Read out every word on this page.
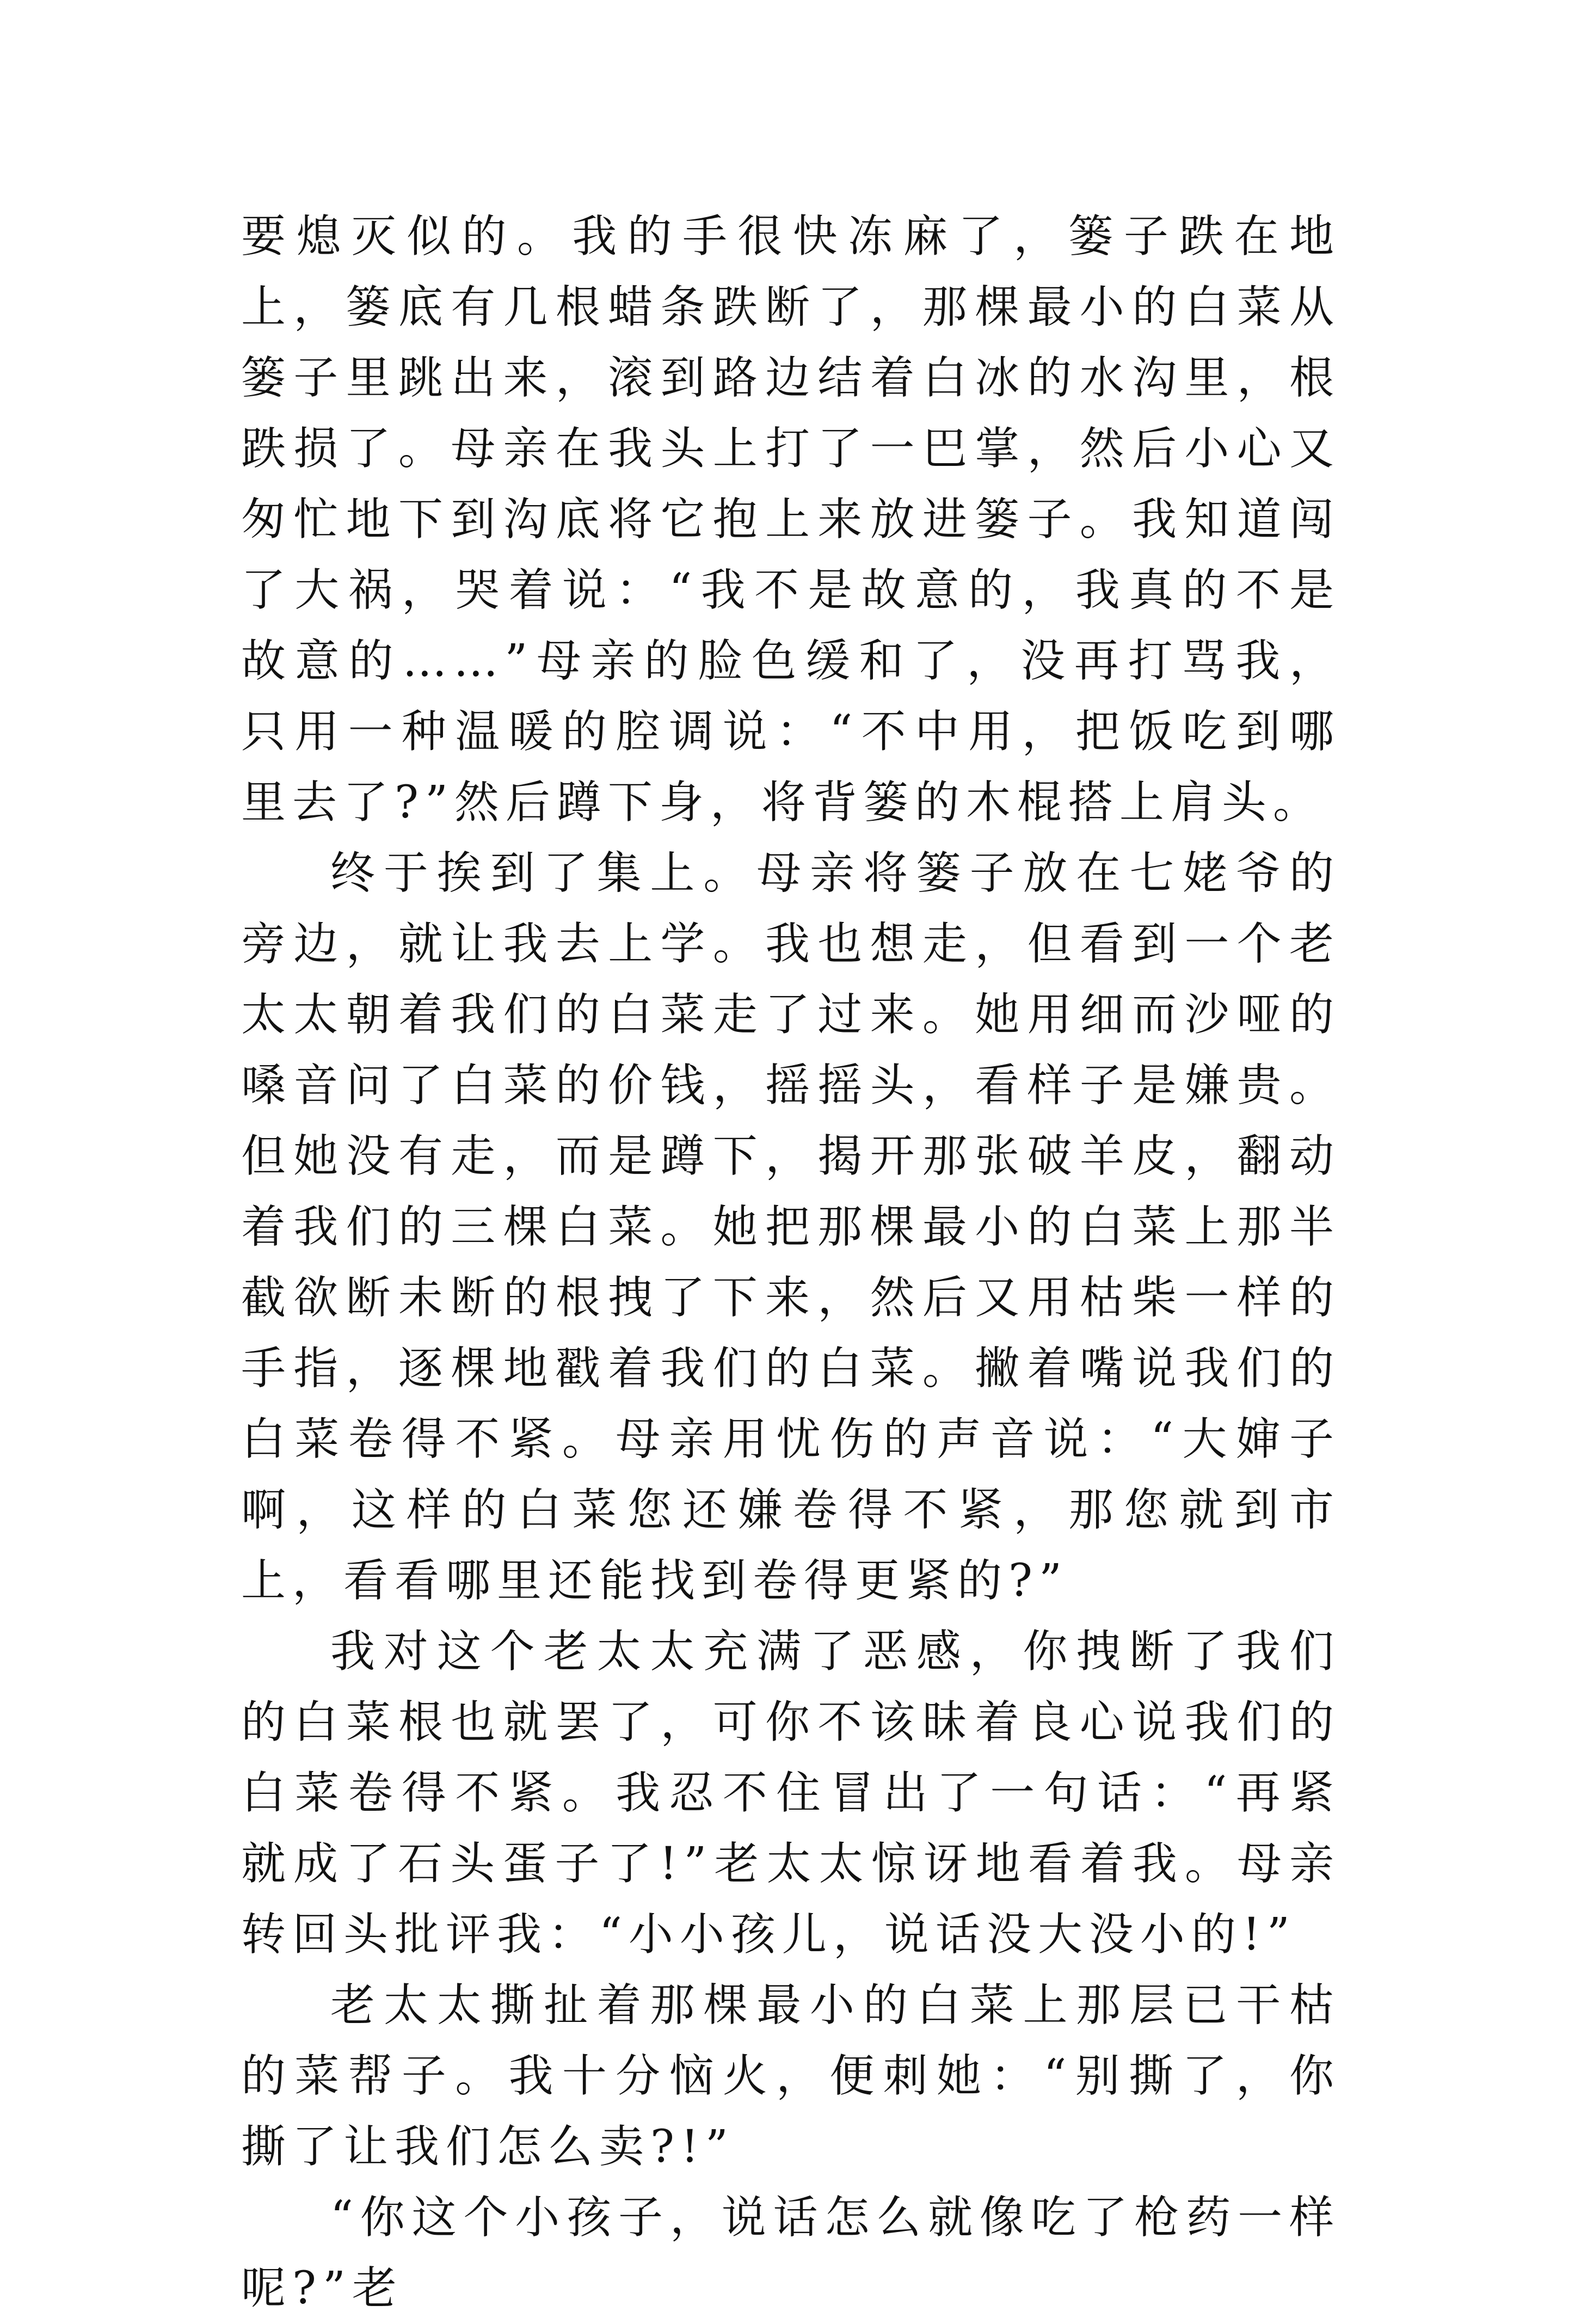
要熄灭似的。我的手很快冻麻了，篓子跌在地上，篓底有几根蜡条跌断了，那棵最小的白菜从篓子里跳出来，滚到路边结着白冰的水沟里，根跌损了。母亲在我头上打了一巴掌，然后小心又匆忙地下到沟底将它抱上来放进篓子。我知道闯了大祸，哭着说：“我不是故意的，我真的不是故意的……”母亲的脸色缓和了，没再打骂我，只用一种温暖的腔调说：“不中用，把饭吃到哪里去了?”然后蹲下身，将背篓的木棍搭上肩头。

终于挨到了集上。母亲将篓子放在七姥爷的旁边，就让我去上学。我也想走，但看到一个老太太朝着我们的白菜走了过来。她用细而沙哑的嗓音问了白菜的价钱，摇摇头，看样子是嫌贵。但她没有走，而是蹲下，揭开那张破羊皮，翻动着我们的三棵白菜。她把那棵最小的白菜上那半截欲断未断的根拽了下来，然后又用枯柴一样的手指，逐棵地戳着我们的白菜。撇着嘴说我们的白菜卷得不紧。母亲用忧伤的声音说：“大婶子啊，这样的白菜您还嫌卷得不紧，那您就到市上，看看哪里还能找到卷得更紧的?”

我对这个老太太充满了恶感，你拽断了我们的白菜根也就罢了，可你不该昧着良心说我们的白菜卷得不紧。我忍不住冒出了一句话：“再紧就成了石头蛋子了!”老太太惊讶地看着我。母亲转回头批评我：“小小孩儿，说话没大没小的!”

老太太撕扯着那棵最小的白菜上那层已干枯的菜帮子。我十分恼火，便刺她：“别撕了，你撕了让我们怎么卖?!”

“你这个小孩子，说话怎么就像吃了枪药一样呢?”老
